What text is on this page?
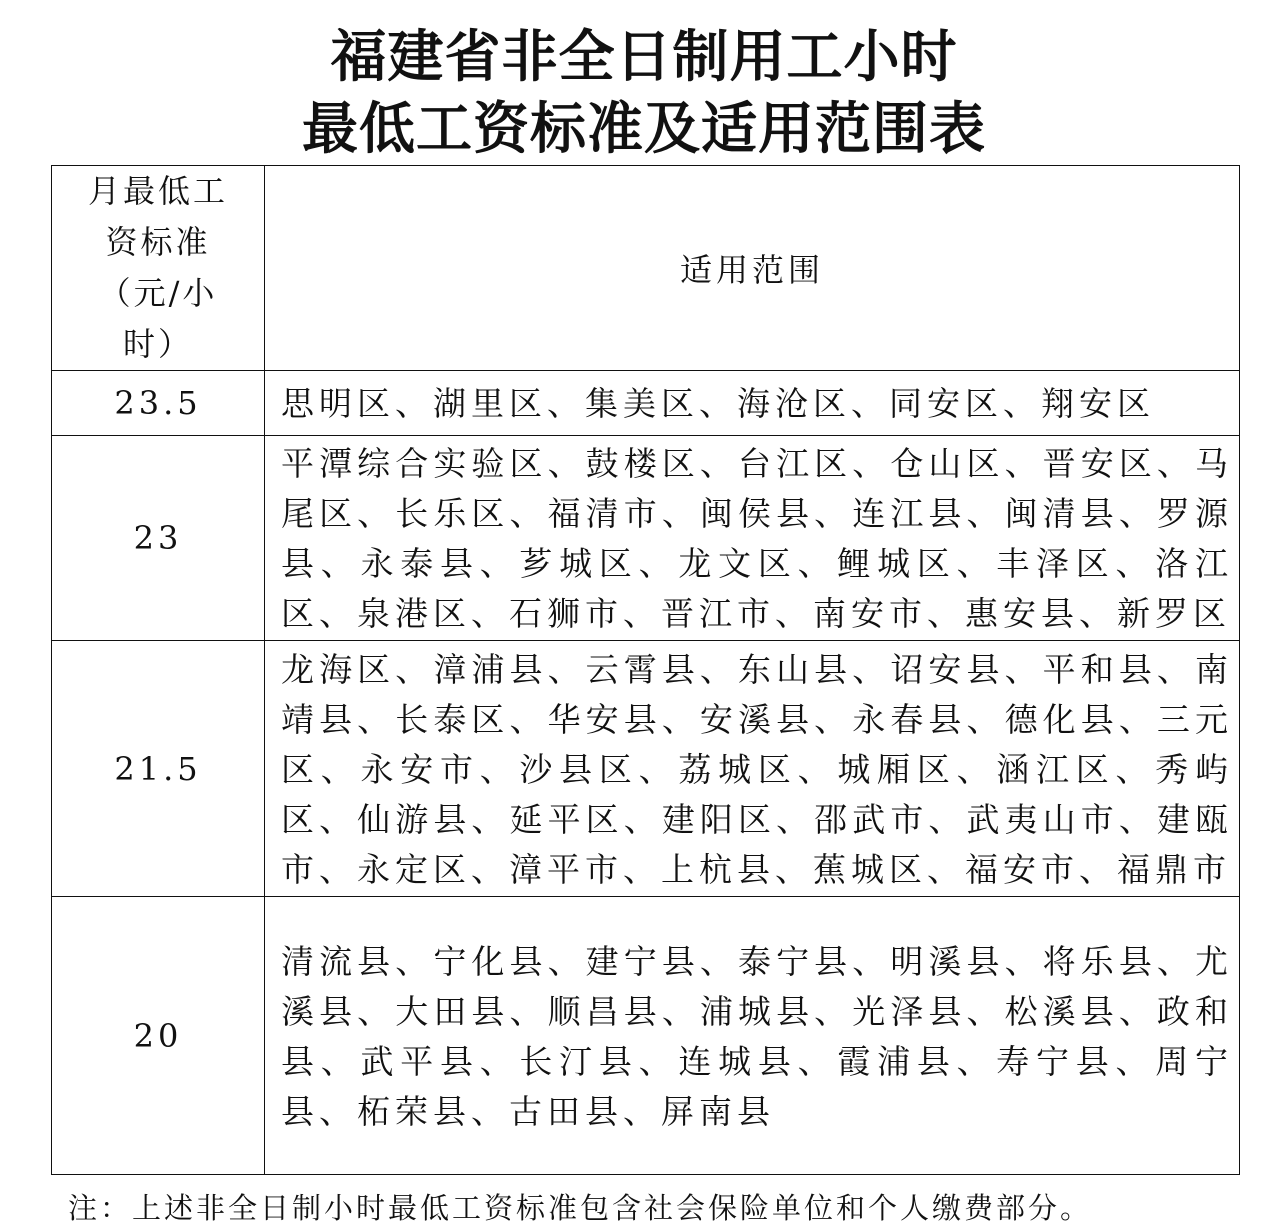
福建省非全日制用工小时
最低工资标准及适用范围表
月最低工
资标准
（元/小
时）	适用范围
23.5	思明区、湖里区、集美区、海沧区、同安区、翔安区
23	平潭综合实验区、鼓楼区、台江区、仓山区、晋安区、马尾区、长乐区、福清市、闽侯县、连江县、闽清县、罗源县、永泰县、芗城区、龙文区、鲤城区、丰泽区、洛江区、泉港区、石狮市、晋江市、南安市、惠安县、新罗区
21.5	龙海区、漳浦县、云霄县、东山县、诏安县、平和县、南靖县、长泰区、华安县、安溪县、永春县、德化县、三元区、永安市、沙县区、荔城区、城厢区、涵江区、秀屿区、仙游县、延平区、建阳区、邵武市、武夷山市、建瓯市、永定区、漳平市、上杭县、蕉城区、福安市、福鼎市
20	清流县、宁化县、建宁县、泰宁县、明溪县、将乐县、尤溪县、大田县、顺昌县、浦城县、光泽县、松溪县、政和县、武平县、长汀县、连城县、霞浦县、寿宁县、周宁县、柘荣县、古田县、屏南县

注：上述非全日制小时最低工资标准包含社会保险单位和个人缴费部分。
